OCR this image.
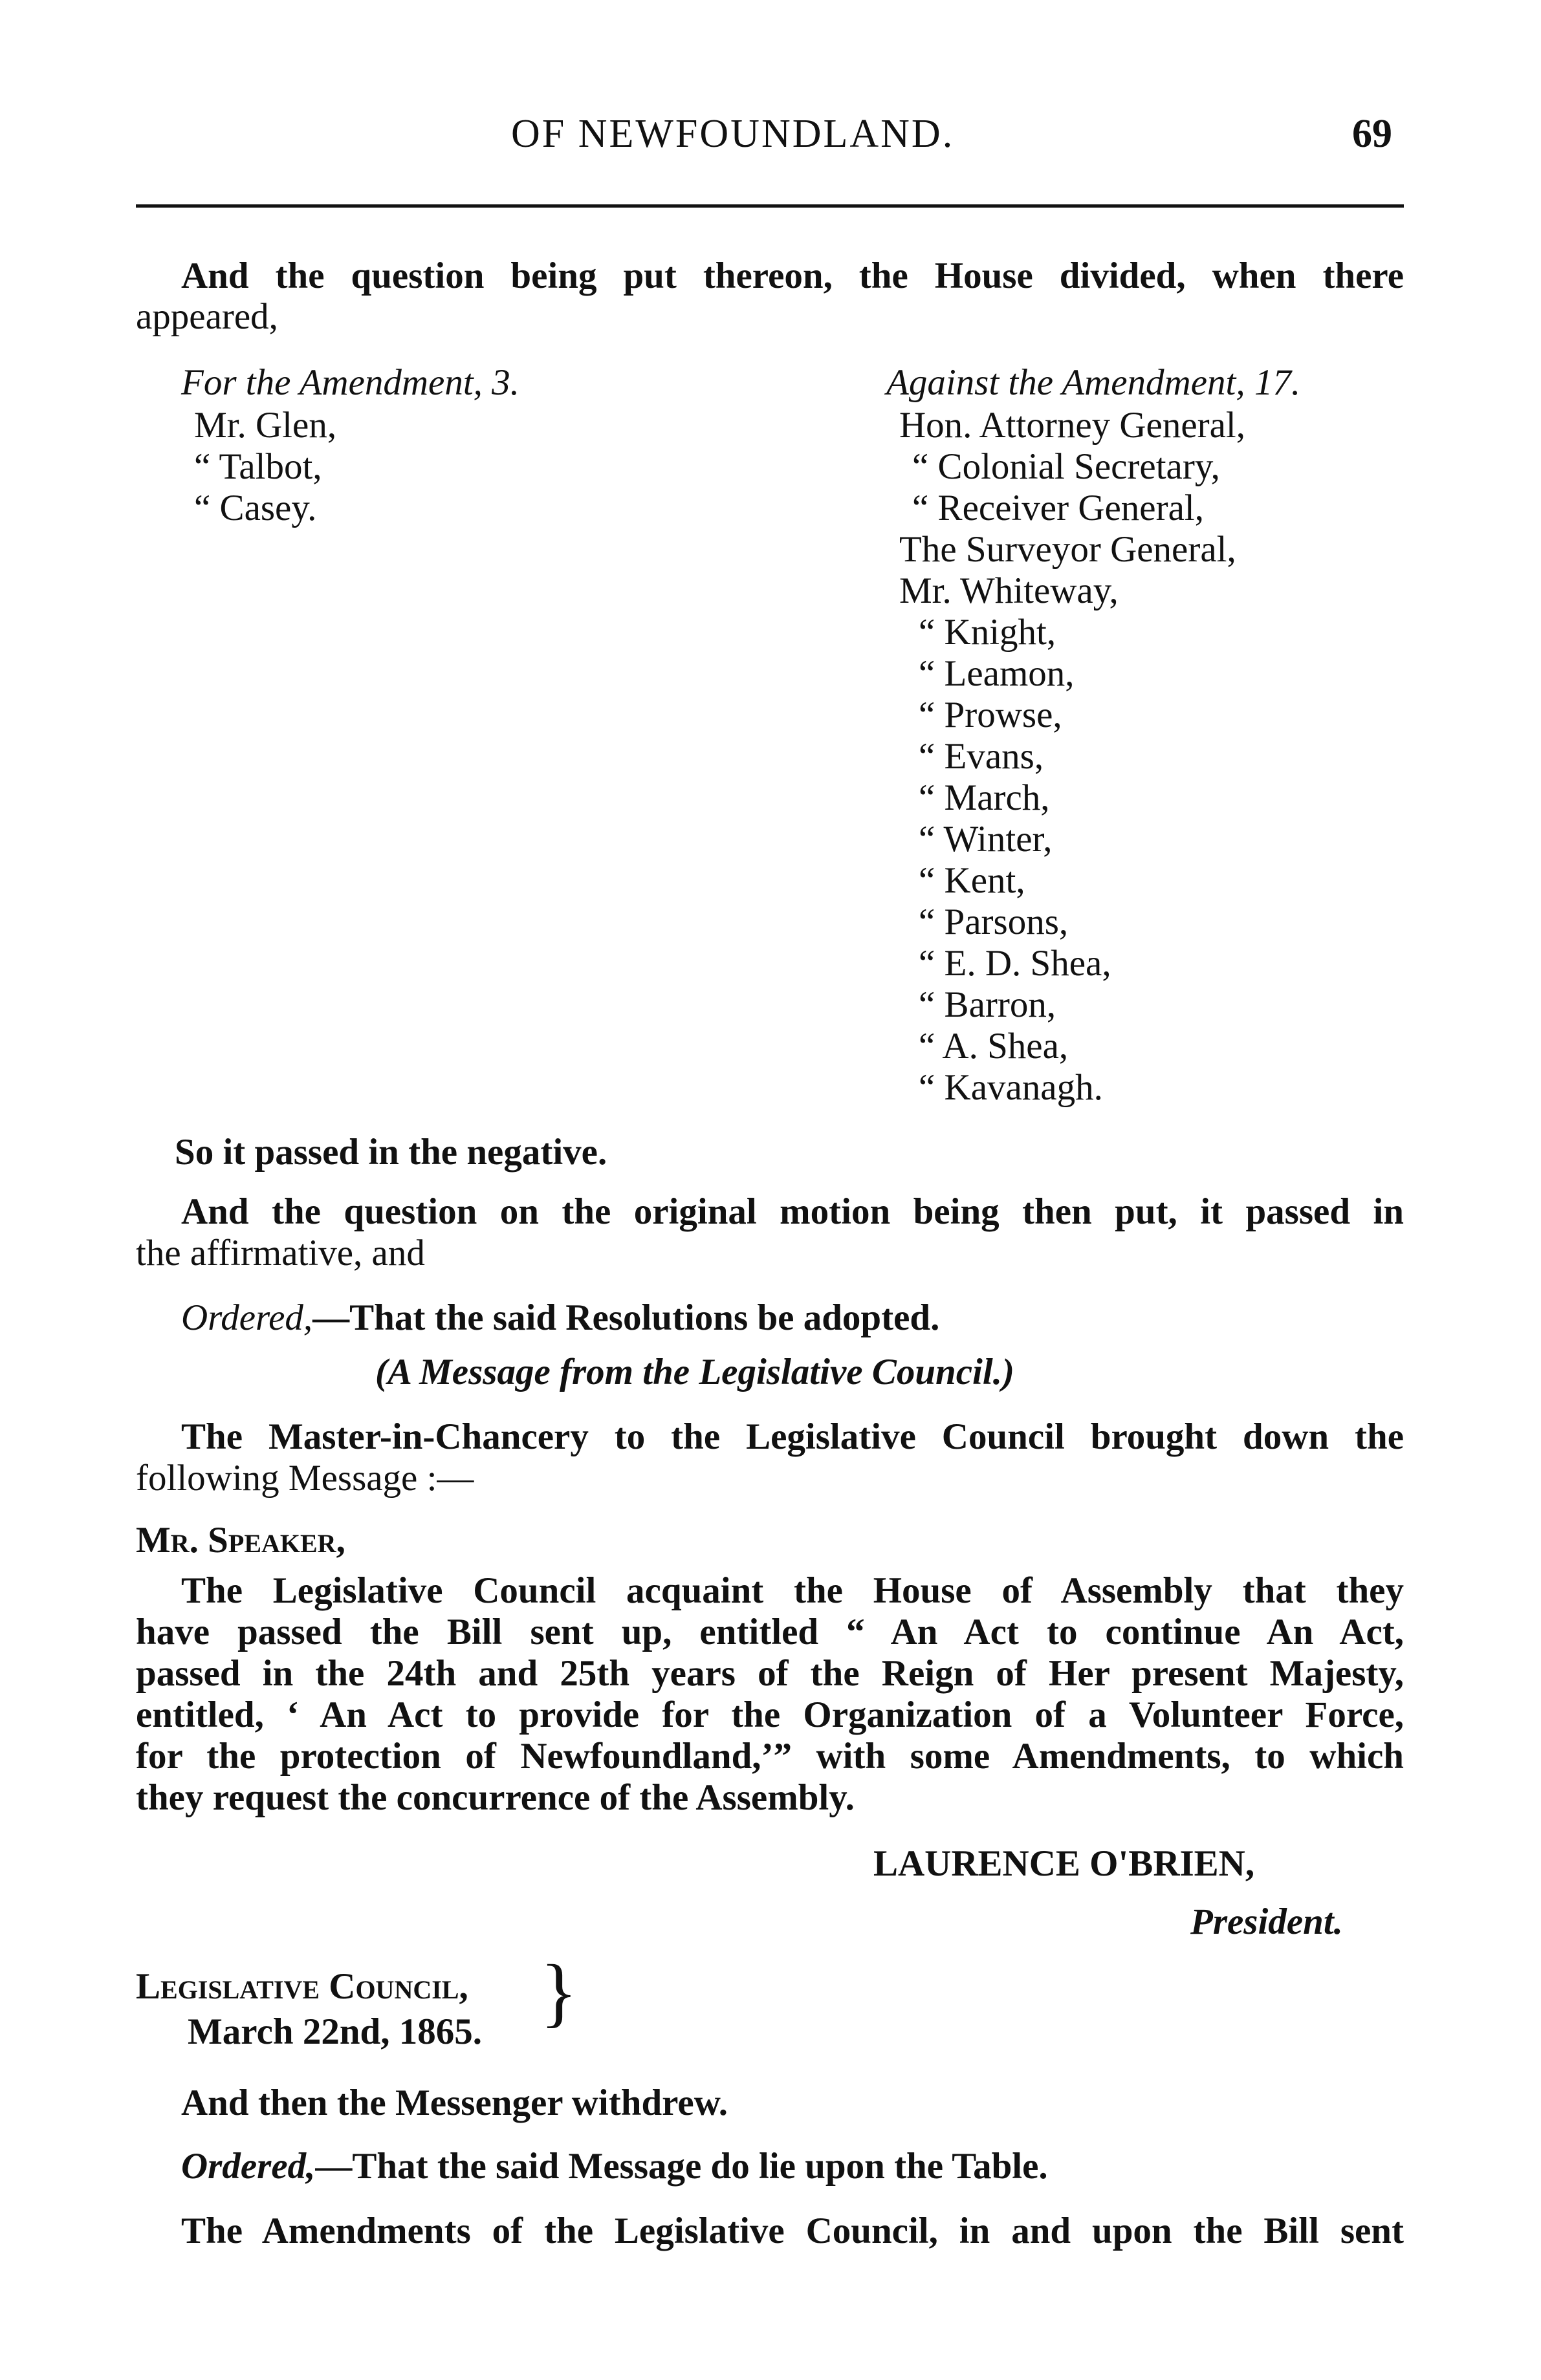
OF NEWFOUNDLAND.	69
And the question being put thereon, the House divided, when there
appeared,
For the Amendment, 3.
Mr. Glen,
“ Talbot,
“ Casey.
Against the Amendment, 17.
Hon. Attorney General,
“ Colonial Secretary,
“ Receiver General,
The Surveyor General,
Mr. Whiteway,
“ Knight,
“ Leamon,
“ Prowse,
“ Evans,
“ March,
“ Winter,
“ Kent,
“ Parsons,
“ E. D. Shea,
“ Barron,
“ A. Shea,
“ Kavanagh.
So it passed in the negative.
And the question on the original motion being then put, it passed in
the affirmative, and
Ordered,—That the said Resolutions be adopted.
(A Message from the Legislative Council.)
The Master-in-Chancery to the Legislative Council brought down the
following Message :—
Mr. Speaker,
The Legislative Council acquaint the House of Assembly that they
have passed the Bill sent up, entitled “ An Act to continue An Act,
passed in the 24th and 25th years of the Reign of Her present Majesty,
entitled, ‘ An Act to provide for the Organization of a Volunteer Force,
for the protection of Newfoundland,’” with some Amendments, to which
they request the concurrence of the Assembly.
LAURENCE O'BRIEN,
President.
Legislative Council,
March 22nd, 1865. }
And then the Messenger withdrew.
Ordered,—That the said Message do lie upon the Table.
The Amendments of the Legislative Council, in and upon the Bill sent
